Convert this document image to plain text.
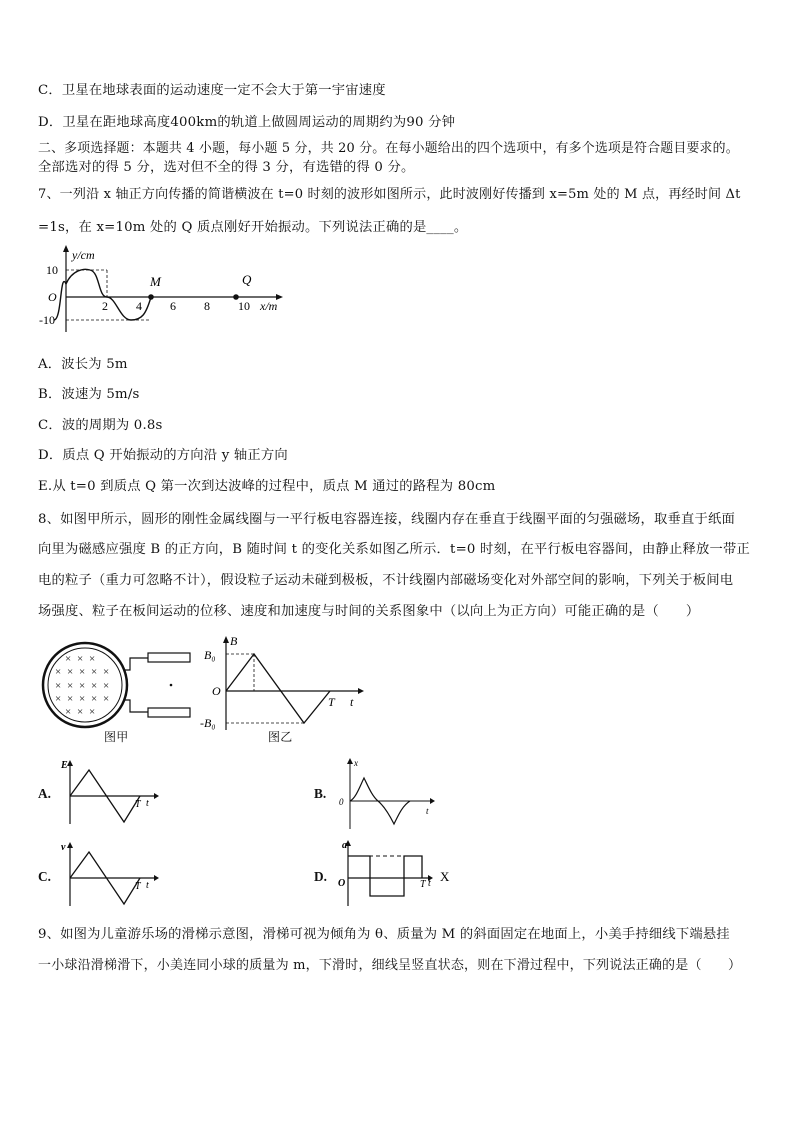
C．卫星在地球表面的运动速度一定不会大于第一宇宙速度
D．卫星在距地球高度400km的轨道上做圆周运动的周期约为90 分钟
二、多项选择题：本题共 4 小题，每小题 5 分，共 20 分。在每小题给出的四个选项中，有多个选项是符合题目要求的。
全部选对的得 5 分，选对但不全的得 3 分，有选错的得 0 分。
7、一列沿 x 轴正方向传播的简谐横波在 t=0 时刻的波形如图所示，此时波刚好传播到 x=5m 处的 M 点，再经时间 Δt
=1s，在 x=10m 处的 Q 质点刚好开始振动。下列说法正确的是____。
y/cm
x/m
O
10
-10
2 4 6 8 10
M	Q
A．波长为 5m
B．波速为 5m/s
C．波的周期为 0.8s
D．质点 Q 开始振动的方向沿 y 轴正方向
E.从 t=0 到质点 Q 第一次到达波峰的过程中，质点 M 通过的路程为 80cm
8、如图甲所示，圆形的刚性金属线圈与一平行板电容器连接，线圈内存在垂直于线圈平面的匀强磁场，取垂直于纸面
向里为磁感应强度 B 的正方向，B 随时间 t 的变化关系如图乙所示．t=0 时刻，在平行板电容器间，由静止释放一带正
电的粒子（重力可忽略不计），假设粒子运动未碰到极板，不计线圈内部磁场变化对外部空间的影响，下列关于板间电
场强度、粒子在板间运动的位移、速度和加速度与时间的关系图象中（以向上为正方向）可能正确的是（　　）
× × ×
× × × × ×
× × × × ×
× × × × ×
× × ×
图甲
B
B₀
O
-B₀
T t
图乙
A.
E
T t
B.
x
0
t
C.
v
T t
D.
a
O	T t X
9、如图为儿童游乐场的滑梯示意图，滑梯可视为倾角为 θ、质量为 M 的斜面固定在地面上，小美手持细线下端悬挂
一小球沿滑梯滑下，小美连同小球的质量为 m，下滑时，细线呈竖直状态，则在下滑过程中，下列说法正确的是（　　）
